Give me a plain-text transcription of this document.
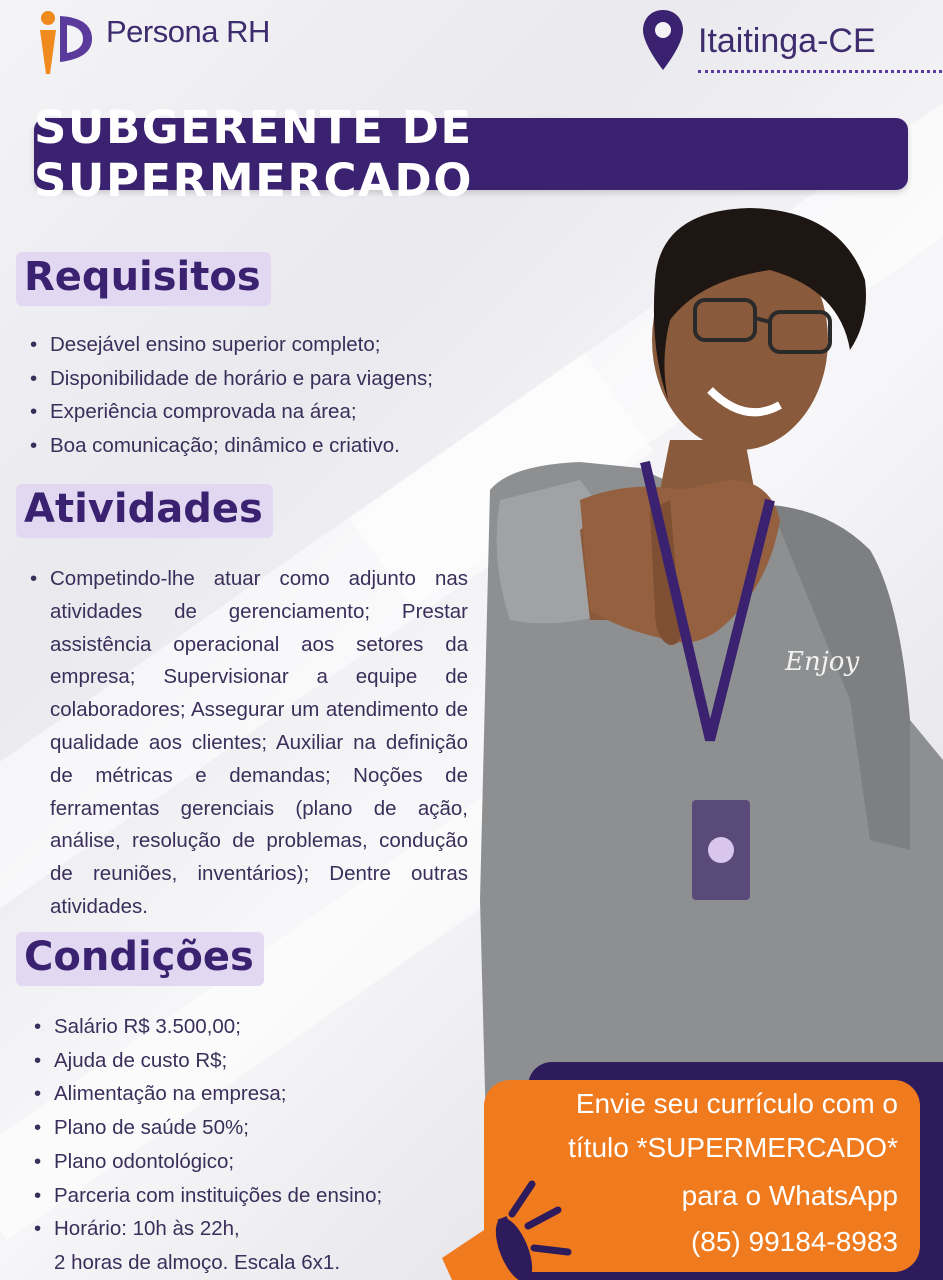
Persona RH	Itaitinga-CE
SUBGERENTE DE SUPERMERCADO
Requisitos
• Desejável ensino superior completo;
• Disponibilidade de horário e para viagens;
• Experiência comprovada na área;
• Boa comunicação; dinâmico e criativo.
Atividades
• Competindo-lhe atuar como adjunto nas atividades de gerenciamento; Prestar assistência operacional aos setores da empresa; Supervisionar a equipe de colaboradores; Assegurar um atendimento de qualidade aos clientes; Auxiliar na definição de métricas e demandas; Noções de ferramentas gerenciais (plano de ação, análise, resolução de problemas, condução de reuniões, inventários); Dentre outras atividades.
Condições
• Salário R$ 3.500,00;
• Ajuda de custo R$;
• Alimentação na empresa;
• Plano de saúde 50%;
• Plano odontológico;
• Parceria com instituições de ensino;
• Horário: 10h às 22h,
2 horas de almoço. Escala 6x1.
Enjoy
Envie seu currículo com o
título *SUPERMERCADO*
para o WhatsApp
(85) 99184-8983
